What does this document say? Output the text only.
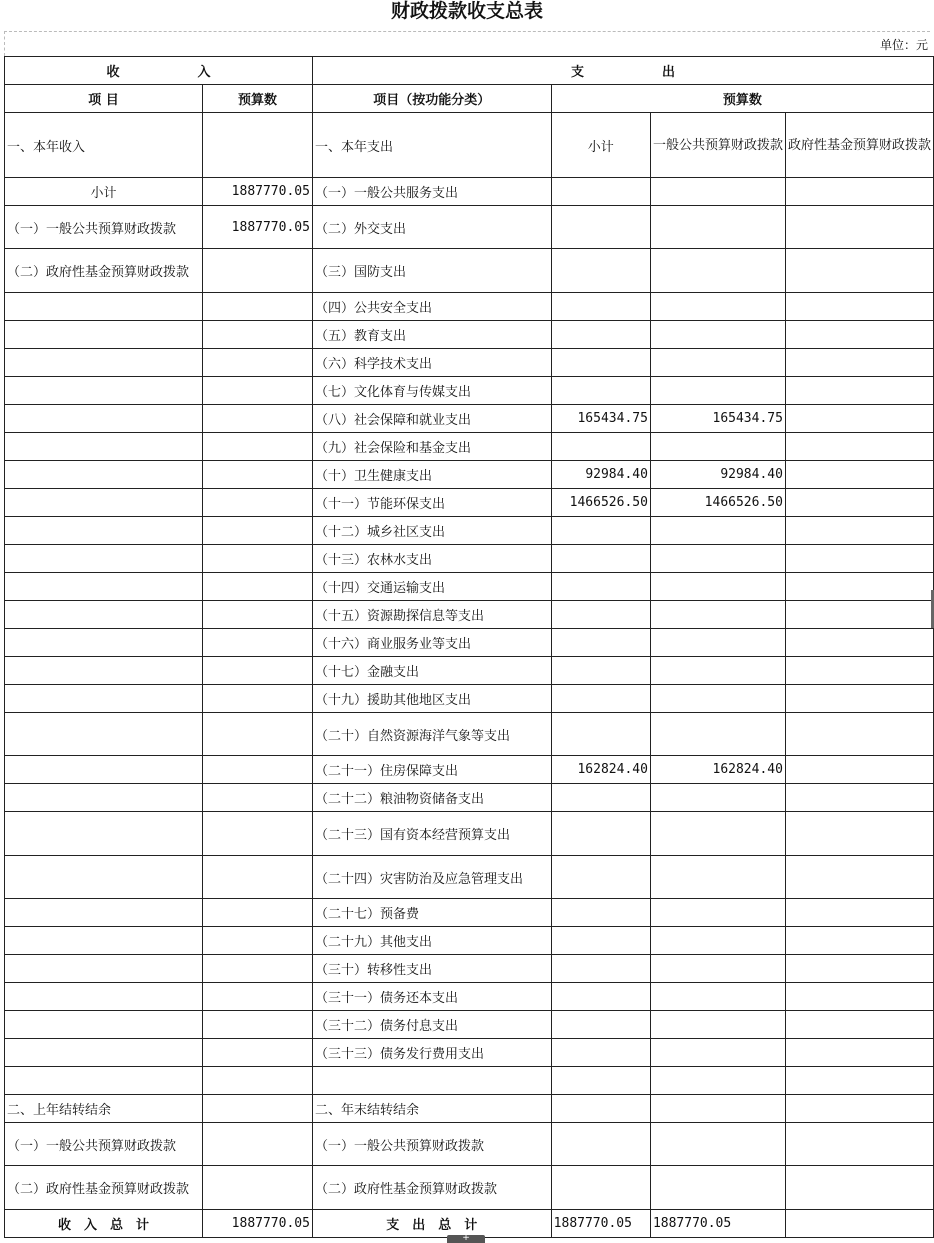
财政拨款收支总表
单位：元
收　　　　　　入		支　　　　　　出			
项 目	预算数	项目（按功能分类）	预算数		
一、本年收入		一、本年支出	小计	一般公共预算财政拨款	政府性基金预算财政拨款
小计	1887770.05	（一）一般公共服务支出			
（一）一般公共预算财政拨款	1887770.05	（二）外交支出			
（二）政府性基金预算财政拨款		（三）国防支出			
		（四）公共安全支出			
		（五）教育支出			
		（六）科学技术支出			
		（七）文化体育与传媒支出			
		（八）社会保障和就业支出	165434.75	165434.75	
		（九）社会保险和基金支出			
		（十）卫生健康支出	92984.40	92984.40	
		（十一）节能环保支出	1466526.50	1466526.50	
		（十二）城乡社区支出			
		（十三）农林水支出			
		（十四）交通运输支出			
		（十五）资源勘探信息等支出			
		（十六）商业服务业等支出			
		（十七）金融支出			
		（十九）援助其他地区支出			
		（二十）自然资源海洋气象等支出			
		（二十一）住房保障支出	162824.40	162824.40	
		（二十二）粮油物资储备支出			
		（二十三）国有资本经营预算支出			
		（二十四）灾害防治及应急管理支出			
		（二十七）预备费			
		（二十九）其他支出			
		（三十）转移性支出			
		（三十一）债务还本支出			
		（三十二）债务付息支出			
		（三十三）债务发行费用支出			

二、上年结转结余		二、年末结转结余			
（一）一般公共预算财政拨款		（一）一般公共预算财政拨款			
（二）政府性基金预算财政拨款		（二）政府性基金预算财政拨款			
收　入　总　计	1887770.05	支　出　总　计	1887770.05	1887770.05	
+
